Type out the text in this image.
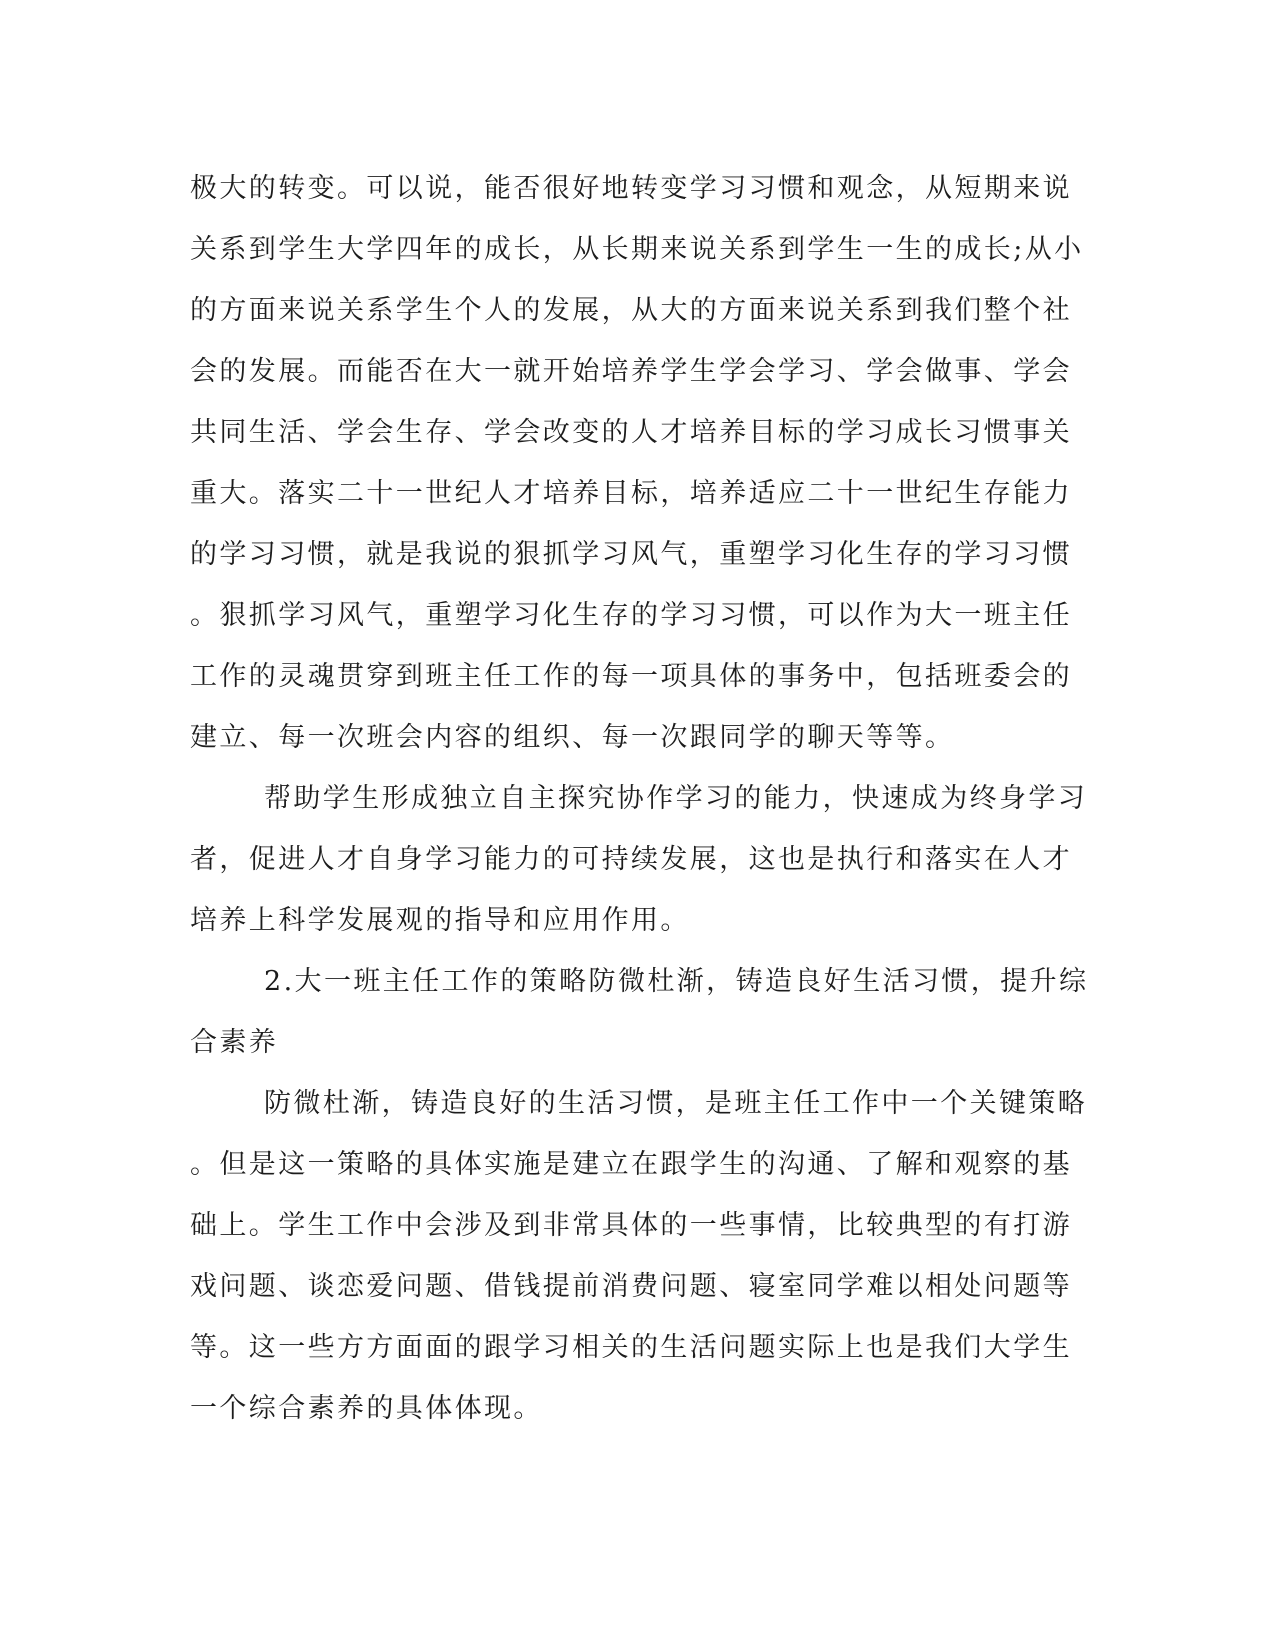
极大的转变。可以说，能否很好地转变学习习惯和观念，从短期来说
关系到学生大学四年的成长，从长期来说关系到学生一生的成长;从小
的方面来说关系学生个人的发展，从大的方面来说关系到我们整个社
会的发展。而能否在大一就开始培养学生学会学习、学会做事、学会
共同生活、学会生存、学会改变的人才培养目标的学习成长习惯事关
重大。落实二十一世纪人才培养目标，培养适应二十一世纪生存能力
的学习习惯，就是我说的狠抓学习风气，重塑学习化生存的学习习惯
。狠抓学习风气，重塑学习化生存的学习习惯，可以作为大一班主任
工作的灵魂贯穿到班主任工作的每一项具体的事务中，包括班委会的
建立、每一次班会内容的组织、每一次跟同学的聊天等等。
帮助学生形成独立自主探究协作学习的能力，快速成为终身学习
者，促进人才自身学习能力的可持续发展，这也是执行和落实在人才
培养上科学发展观的指导和应用作用。
2.大一班主任工作的策略防微杜渐，铸造良好生活习惯，提升综
合素养
防微杜渐，铸造良好的生活习惯，是班主任工作中一个关键策略
。但是这一策略的具体实施是建立在跟学生的沟通、了解和观察的基
础上。学生工作中会涉及到非常具体的一些事情，比较典型的有打游
戏问题、谈恋爱问题、借钱提前消费问题、寝室同学难以相处问题等
等。这一些方方面面的跟学习相关的生活问题实际上也是我们大学生
一个综合素养的具体体现。
